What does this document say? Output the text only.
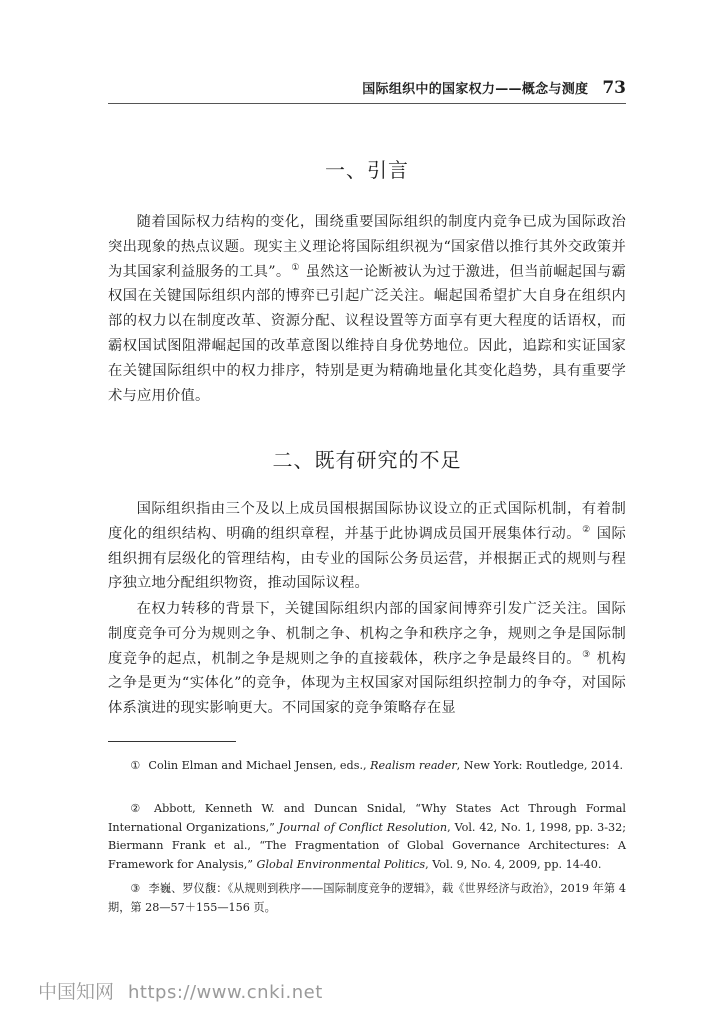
国际组织中的国家权力——概念与测度 73
一、引言

随着国际权力结构的变化，围绕重要国际组织的制度内竞争已成为国际政治突出现象的热点议题。现实主义理论将国际组织视为“国家借以推行其外交政策并为其国家利益服务的工具”。① 虽然这一论断被认为过于激进，但当前崛起国与霸权国在关键国际组织内部的博弈已引起广泛关注。崛起国希望扩大自身在组织内部的权力以在制度改革、资源分配、议程设置等方面享有更大程度的话语权，而霸权国试图阻滞崛起国的改革意图以维持自身优势地位。因此，追踪和实证国家在关键国际组织中的权力排序，特别是更为精确地量化其变化趋势，具有重要学术与应用价值。

二、既有研究的不足

国际组织指由三个及以上成员国根据国际协议设立的正式国际机制，有着制度化的组织结构、明确的组织章程，并基于此协调成员国开展集体行动。② 国际组织拥有层级化的管理结构，由专业的国际公务员运营，并根据正式的规则与程序独立地分配组织物资，推动国际议程。

在权力转移的背景下，关键国际组织内部的国家间博弈引发广泛关注。国际制度竞争可分为规则之争、机制之争、机构之争和秩序之争，规则之争是国际制度竞争的起点，机制之争是规则之争的直接载体，秩序之争是最终目的。③ 机构之争是更为“实体化”的竞争，体现为主权国家对国际组织控制力的争夺，对国际体系演进的现实影响更大。不同国家的竞争策略存在显

① Colin Elman and Michael Jensen, eds., Realism reader, New York: Routledge, 2014.

② Abbott, Kenneth W. and Duncan Snidal, “Why States Act Through Formal International Organizations,” Journal of Conflict Resolution, Vol. 42, No. 1, 1998, pp. 3-32; Biermann Frank et al., “The Fragmentation of Global Governance Architectures: A Framework for Analysis,” Global Environmental Politics, Vol. 9, No. 4, 2009, pp. 14-40.

③ 李巍、罗仪馥：《从规则到秩序——国际制度竞争的逻辑》，载《世界经济与政治》，2019 年第 4 期，第 28—57＋155—156 页。

中国知网 https://www.cnki.net
